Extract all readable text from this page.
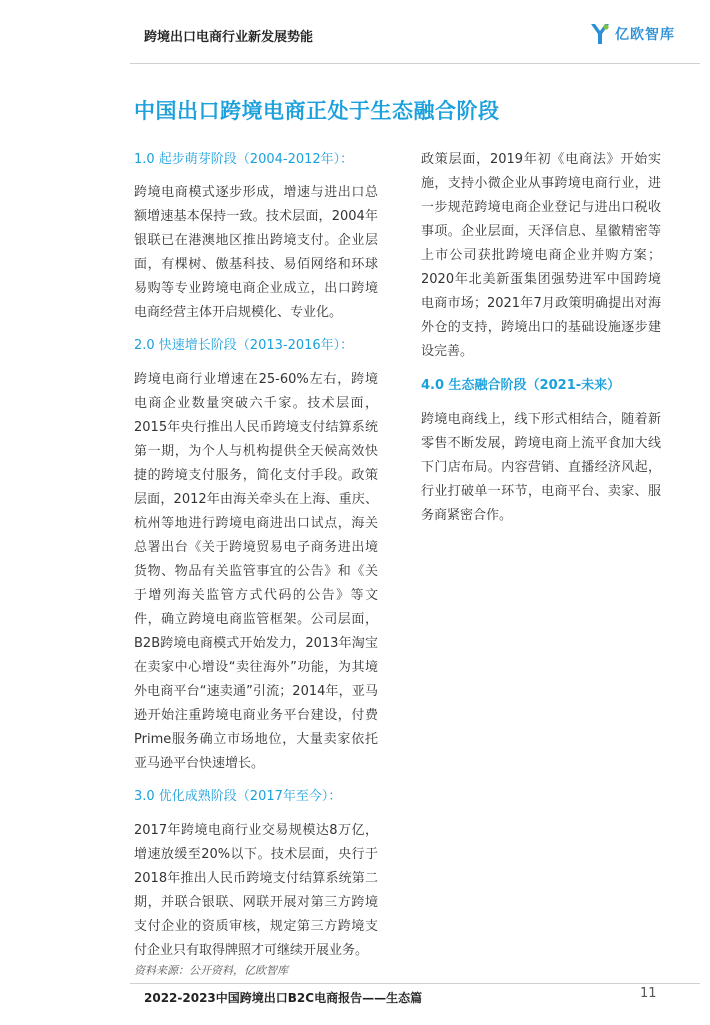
跨境出口电商行业新发展势能	亿欧智库
中国出口跨境电商正处于生态融合阶段

1.0 起步萌芽阶段（2004-2012年）：

跨境电商模式逐步形成，增速与进出口总额增速基本保持一致。技术层面，2004年银联已在港澳地区推出跨境支付。企业层面，有棵树、傲基科技、易佰网络和环球易购等专业跨境电商企业成立，出口跨境电商经营主体开启规模化、专业化。

2.0 快速增长阶段（2013-2016年）：

跨境电商行业增速在25-60%左右，跨境电商企业数量突破六千家。技术层面，2015年央行推出人民币跨境支付结算系统第一期，为个人与机构提供全天候高效快捷的跨境支付服务，简化支付手段。政策层面，2012年由海关牵头在上海、重庆、杭州等地进行跨境电商进出口试点，海关总署出台《关于跨境贸易电子商务进出境货物、物品有关监管事宜的公告》和《关于增列海关监管方式代码的公告》等文件，确立跨境电商监管框架。公司层面，B2B跨境电商模式开始发力，2013年淘宝在卖家中心增设“卖往海外”功能，为其境外电商平台“速卖通”引流；2014年，亚马逊开始注重跨境电商业务平台建设，付费Prime服务确立市场地位，大量卖家依托亚马逊平台快速增长。

3.0 优化成熟阶段（2017年至今）：

2017年跨境电商行业交易规模达8万亿，增速放缓至20%以下。技术层面，央行于2018年推出人民币跨境支付结算系统第二期，并联合银联、网联开展对第三方跨境支付企业的资质审核，规定第三方跨境支付企业只有取得牌照才可继续开展业务。

政策层面，2019年初《电商法》开始实施，支持小微企业从事跨境电商行业，进一步规范跨境电商企业登记与进出口税收事项。企业层面，天泽信息、星徽精密等上市公司获批跨境电商企业并购方案；2020年北美新蛋集团强势进军中国跨境电商市场；2021年7月政策明确提出对海外仓的支持，跨境出口的基础设施逐步建设完善。

4.0 生态融合阶段（2021-未来）

跨境电商线上，线下形式相结合，随着新零售不断发展，跨境电商上流平食加大线下门店布局。内容营销、直播经济风起，行业打破单一环节，电商平台、卖家、服务商紧密合作。

资料来源：公开资料，亿欧智库
2022-2023中国跨境出口B2C电商报告——生态篇	11
